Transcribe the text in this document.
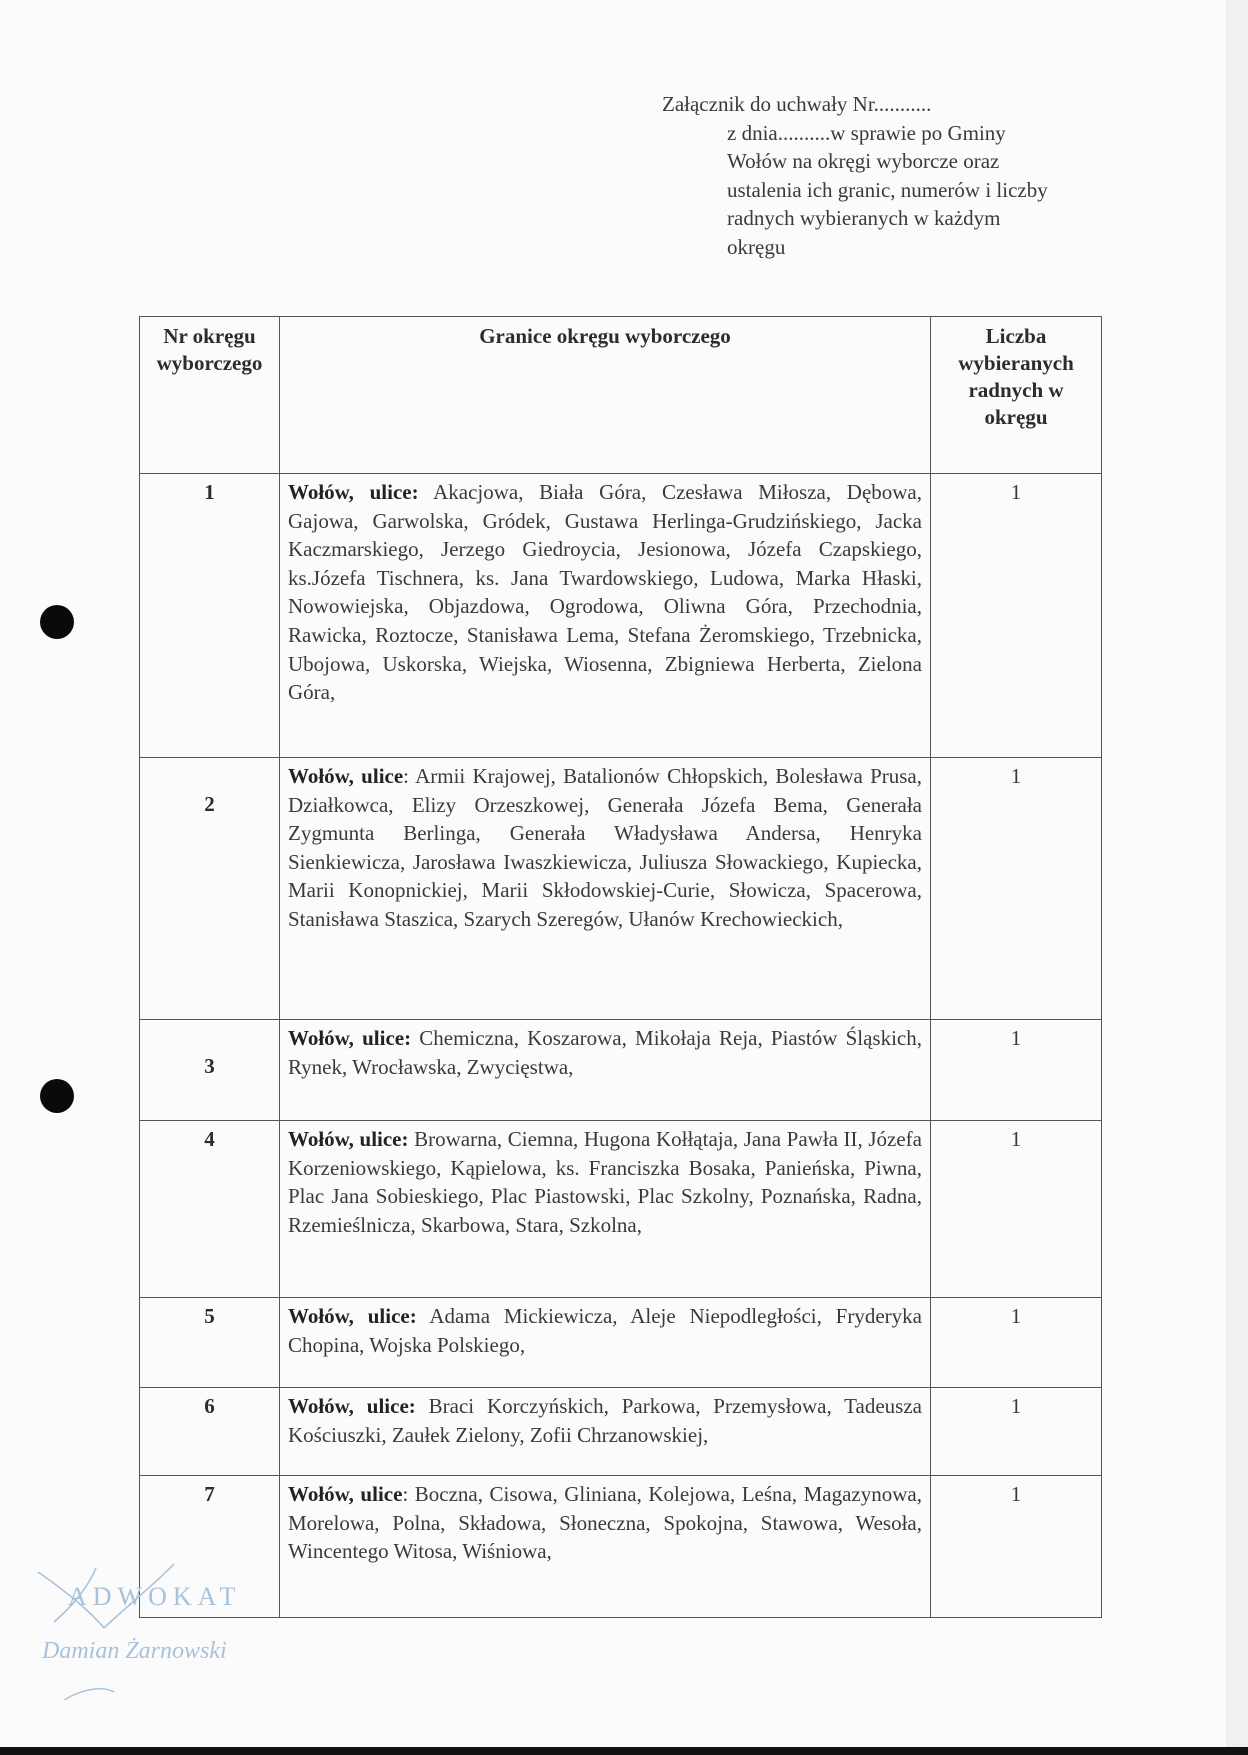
Załącznik do uchwały Nr...........
z dnia..........w sprawie po Gminy Wołów na okręgi wyborcze oraz ustalenia ich granic, numerów i liczby radnych wybieranych w każdym okręgu
Nr okręgu wyborczego	Granice okręgu wyborczego	Liczba wybieranych radnych w okręgu
1	Wołów, ulice: Akacjowa, Biała Góra, Czesława Miłosza, Dębowa, Gajowa, Garwolska, Gródek, Gustawa Herlinga-Grudzińskiego, Jacka Kaczmarskiego, Jerzego Giedroycia, Jesionowa, Józefa Czapskiego, ks.Józefa Tischnera, ks. Jana Twardowskiego, Ludowa, Marka Hłaski, Nowowiejska, Objazdowa, Ogrodowa, Oliwna Góra, Przechodnia, Rawicka, Roztocze, Stanisława Lema, Stefana Żeromskiego, Trzebnicka, Ubojowa, Uskorska, Wiejska, Wiosenna, Zbigniewa Herberta, Zielona Góra,	1
2	Wołów, ulice: Armii Krajowej, Batalionów Chłopskich, Bolesława Prusa, Działkowca, Elizy Orzeszkowej, Generała Józefa Bema, Generała Zygmunta Berlinga, Generała Władysława Andersa, Henryka Sienkiewicza, Jarosława Iwaszkiewicza, Juliusza Słowackiego, Kupiecka, Marii Konopnickiej, Marii Skłodowskiej-Curie, Słowicza, Spacerowa, Stanisława Staszica, Szarych Szeregów, Ułanów Krechowieckich,	1
3	Wołów, ulice: Chemiczna, Koszarowa, Mikołaja Reja, Piastów Śląskich, Rynek, Wrocławska, Zwycięstwa,	1
4	Wołów, ulice: Browarna, Ciemna, Hugona Kołłątaja, Jana Pawła II, Józefa Korzeniowskiego, Kąpielowa, ks. Franciszka Bosaka, Panieńska, Piwna, Plac Jana Sobieskiego, Plac Piastowski, Plac Szkolny, Poznańska, Radna, Rzemieślnicza, Skarbowa, Stara, Szkolna,	1
5	Wołów, ulice: Adama Mickiewicza, Aleje Niepodległości, Fryderyka Chopina, Wojska Polskiego,	1
6	Wołów, ulice: Braci Korczyńskich, Parkowa, Przemysłowa, Tadeusza Kościuszki, Zaułek Zielony, Zofii Chrzanowskiej,	1
7	Wołów, ulice: Boczna, Cisowa, Gliniana, Kolejowa, Leśna, Magazynowa, Morelowa, Polna, Składowa, Słoneczna, Spokojna, Stawowa, Wesoła, Wincentego Witosa, Wiśniowa,	1
ADWOKAT
Damian Żarnowski
